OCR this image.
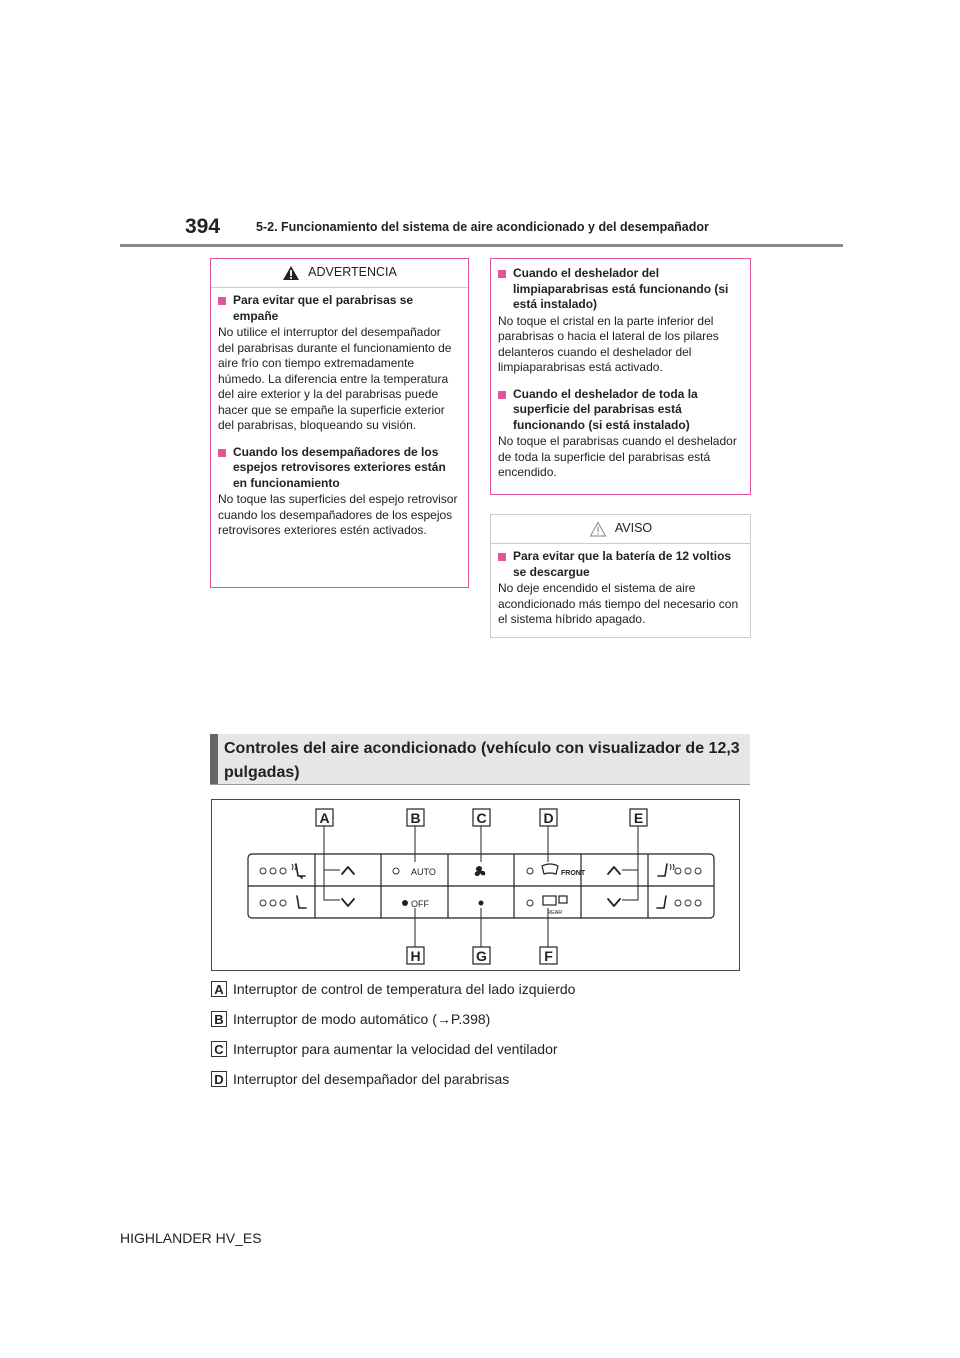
394	5-2. Funcionamiento del sistema de aire acondicionado y del desempañador
ADVERTENCIA
Para evitar que el parabrisas se empañe

No utilice el interruptor del desempañador del parabrisas durante el funcionamiento de aire frío con tiempo extremadamente húmedo. La diferencia entre la temperatura del aire exterior y la del parabrisas puede hacer que se empañe la superficie exterior del parabrisas, bloqueando su visión.

Cuando los desempañadores de los espejos retrovisores exteriores están en funcionamiento

No toque las superficies del espejo retrovisor cuando los desempañadores de los espejos retrovisores exteriores estén activados.

Cuando el deshelador del limpiaparabrisas está funcionando (si está instalado)

No toque el cristal en la parte inferior del parabrisas o hacia el lateral de los pilares delanteros cuando el deshelador del limpiaparabrisas está activado.

Cuando el deshelador de toda la superficie del parabrisas está funcionando (si está instalado)

No toque el parabrisas cuando el deshelador de toda la superficie del parabrisas está encendido.

AVISO
Para evitar que la batería de 12 voltios se descargue

No deje encendido el sistema de aire acondicionado más tiempo del necesario con el sistema híbrido apagado.

Controles del aire acondicionado (vehículo con visualizador de 12,3 pulgadas)
AUTO
OFF
FRONT
REAR
A	B	C	D	E
H	G	F
A Interruptor de control de temperatura del lado izquierdo
B Interruptor de modo automático (→P.398)
C Interruptor para aumentar la velocidad del ventilador
D Interruptor del desempañador del parabrisas
HIGHLANDER HV_ES
